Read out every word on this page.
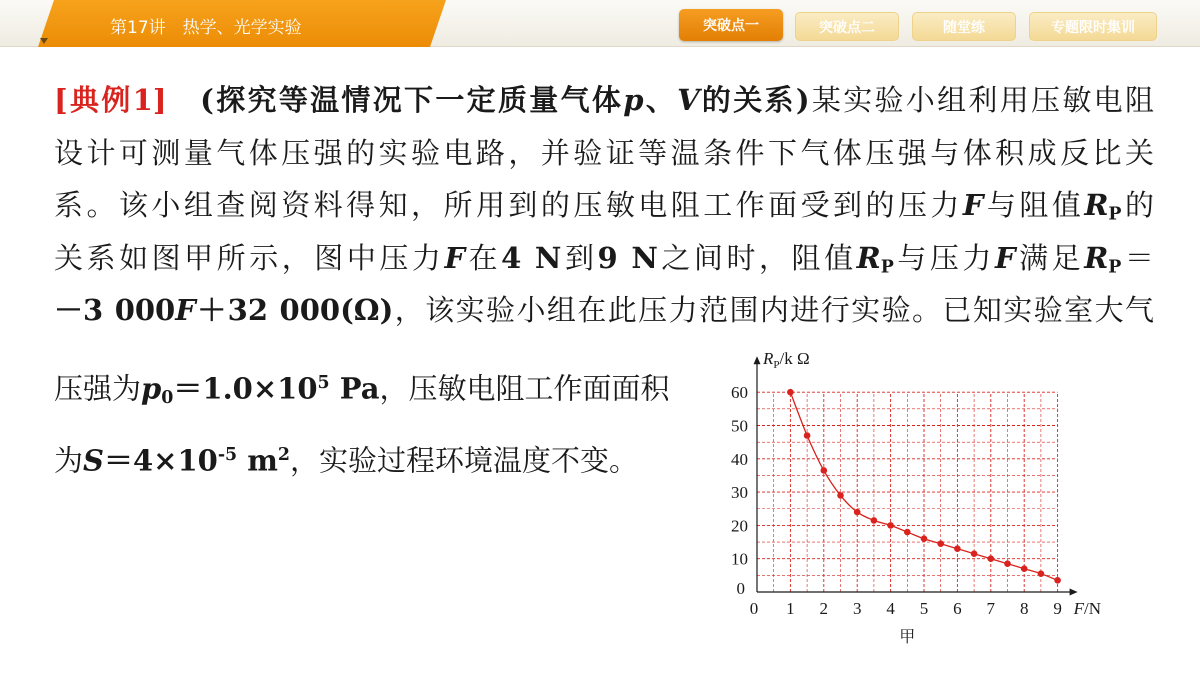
第17讲　热学、光学实验	突破点一	突破点二	随堂练	专题限时集训
[典例1]　 (探究等温情况下一定质量气体p、V的关系)某实验小组利用压敏电阻
设计可测量气体压强的实验电路，并验证等温条件下气体压强与体积成反比关
系。该小组查阅资料得知，所用到的压敏电阻工作面受到的压力F与阻值$R_P$的
关系如图甲所示，图中压力F在4 N到9 N之间时，阻值$R_P$与压力F满足$R_P=$
－3 000F＋32 000(Ω)，该实验小组在此压力范围内进行实验。已知实验室大气
压强为$p_0=1.0\times 10^5$ Pa，压敏电阻工作面面积
为$S=4\times 10^{-5}$ $m^2$，实验过程环境温度不变。
0 1 2 3 4 5 6 7 8 9
0
10
20
30
40
50
60
F/N
$R_P/k$ Ω
甲
